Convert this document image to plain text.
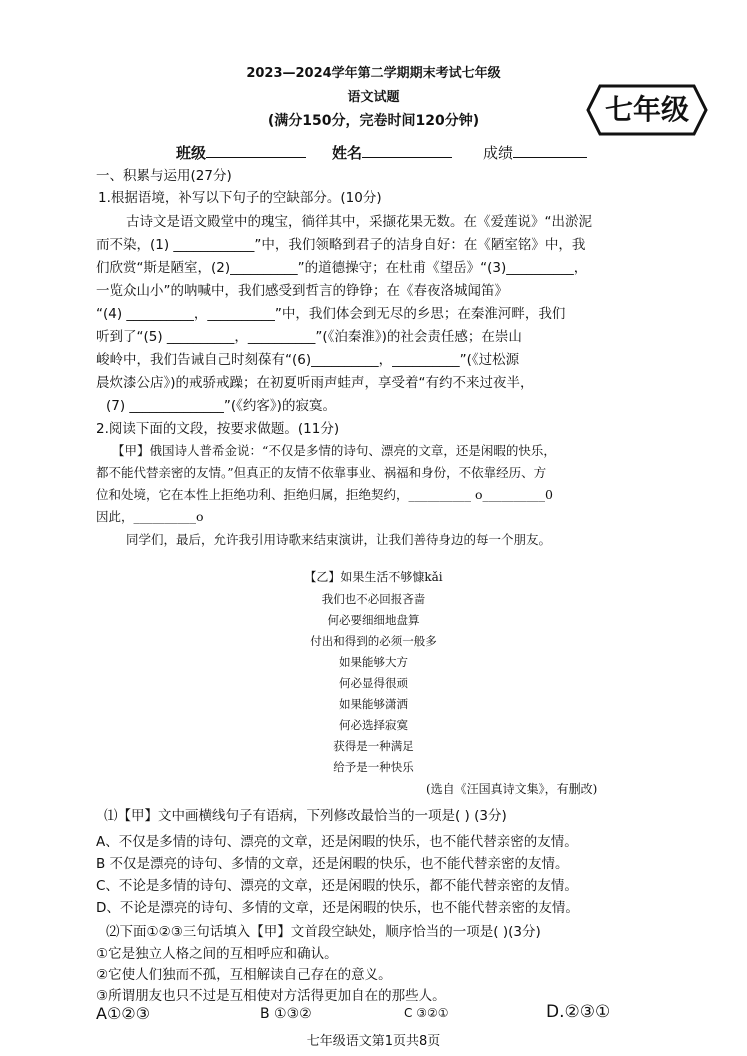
2023—2024学年第二学期期末考试七年级
语文试题
(满分150分，完卷时间120分钟)	七年级
班级	姓名	成绩
一、积累与运用(27分)
1.根据语境，补写以下句子的空缺部分。(10分)
古诗文是语文殿堂中的瑰宝，徜徉其中，采撷花果无数。在《爱莲说》“出淤泥
而不染，(1) ____________”中，我们领略到君子的洁身自好：在《陋室铭》中，我
们欣赏“斯是陋室，(2)__________”的道德操守；在杜甫《望岳》“(3)__________，
一览众山小”的呐喊中，我们感受到哲言的铮铮；在《春夜洛城闻笛》
“(4) __________，__________”中，我们体会到无尽的乡思；在秦淮河畔，我们
听到了“(5) __________，__________”(《泊秦淮》)的社会责任感；在崇山
峻岭中，我们告诫自己时刻葆有“(6)__________，__________”(《过松源
晨炊漆公店》)的戒骄戒躁；在初夏听雨声蛙声，享受着“有约不来过夜半，
(7) ______________”(《约客》)的寂寞。
2.阅读下面的文段，按要求做题。(11分)
【甲】俄国诗人普希金说：“不仅是多情的诗句、漂亮的文章，还是闲暇的快乐，
都不能代替亲密的友情。”但真正的友情不依靠事业、祸福和身份，不依靠经历、方
位和处境，它在本性上拒绝功利、拒绝归属，拒绝契约，__________ o__________0
因此，__________o
同学们，最后，允许我引用诗歌来结束演讲，让我们善待身边的每一个朋友。
【乙】如果生活不够慷kǎi
我们也不必回报吝啬
何必要细细地盘算
付出和得到的必须一般多
如果能够大方
何必显得很顽
如果能够潇洒
何必选择寂寞
获得是一种满足
给予是一种快乐
(选自《汪国真诗文集》，有删改)
⑴【甲】文中画横线句子有语病，下列修改最恰当的一项是( ) (3分)
A、不仅是多情的诗句、漂亮的文章，还是闲暇的快乐，也不能代替亲密的友情。
B 不仅是漂亮的诗句、多情的文章，还是闲暇的快乐，也不能代替亲密的友情。
C、不论是多情的诗句、漂亮的文章，还是闲暇的快乐，都不能代替亲密的友情。
D、不论是漂亮的诗句、多情的文章，还是闲暇的快乐，也不能代替亲密的友情。
⑵下面①②③三句话填入【甲】文首段空缺处，顺序恰当的一项是( )(3分)
①它是独立人格之间的互相呼应和确认。
②它使人们独而不孤，互相解读自己存在的意义。
③所谓朋友也只不过是互相使对方活得更加自在的那些人。
A①②③	B ①③②	C ③②①	D.②③①
七年级语文第1页共8页
